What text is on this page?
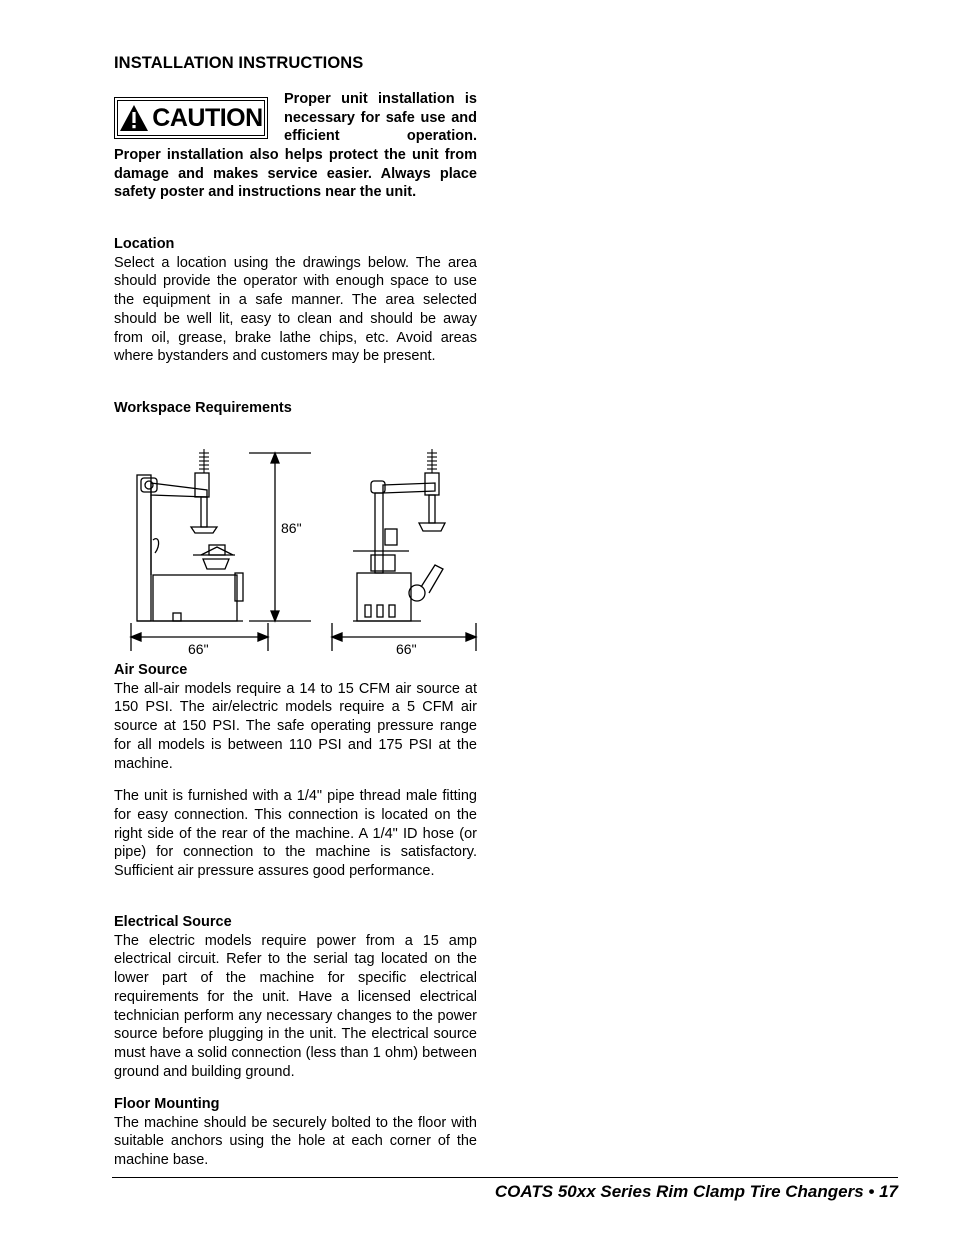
INSTALLATION INSTRUCTIONS
CAUTION
Proper unit installation is necessary for safe use and efficient operation.
Proper installation also helps protect the unit from damage and makes service easier. Always place safety poster and instructions near the unit.
Location
Select a location using the drawings below. The area should provide the operator with enough space to use the equipment in a safe manner. The area selected should be well lit, easy to clean and should be away from oil, grease, brake lathe chips, etc. Avoid areas where bystanders and customers may be present.
Workspace Requirements
86"
66"	66"
Air Source
The all-air models require a 14 to 15 CFM air source at 150 PSI. The air/electric models require a 5 CFM air source at 150 PSI. The safe operating pressure range for all models is between 110 PSI and 175 PSI at the machine.
The unit is furnished with a 1/4" pipe thread male fitting for easy connection. This connection is located on the right side of the rear of the machine. A 1/4" ID hose (or pipe) for connection to the machine is satisfactory. Sufficient air pressure assures good performance.
Electrical Source
The electric models require power from a 15 amp electrical circuit. Refer to the serial tag located on the lower part of the machine for specific electrical requirements for the unit. Have a licensed electrical technician perform any necessary changes to the power source before plugging in the unit. The electrical source must have a solid connection (less than 1 ohm) between ground and building ground.
Floor Mounting
The machine should be securely bolted to the floor with suitable anchors using the hole at each corner of the machine base.
COATS 50xx Series Rim Clamp Tire Changers • 17
